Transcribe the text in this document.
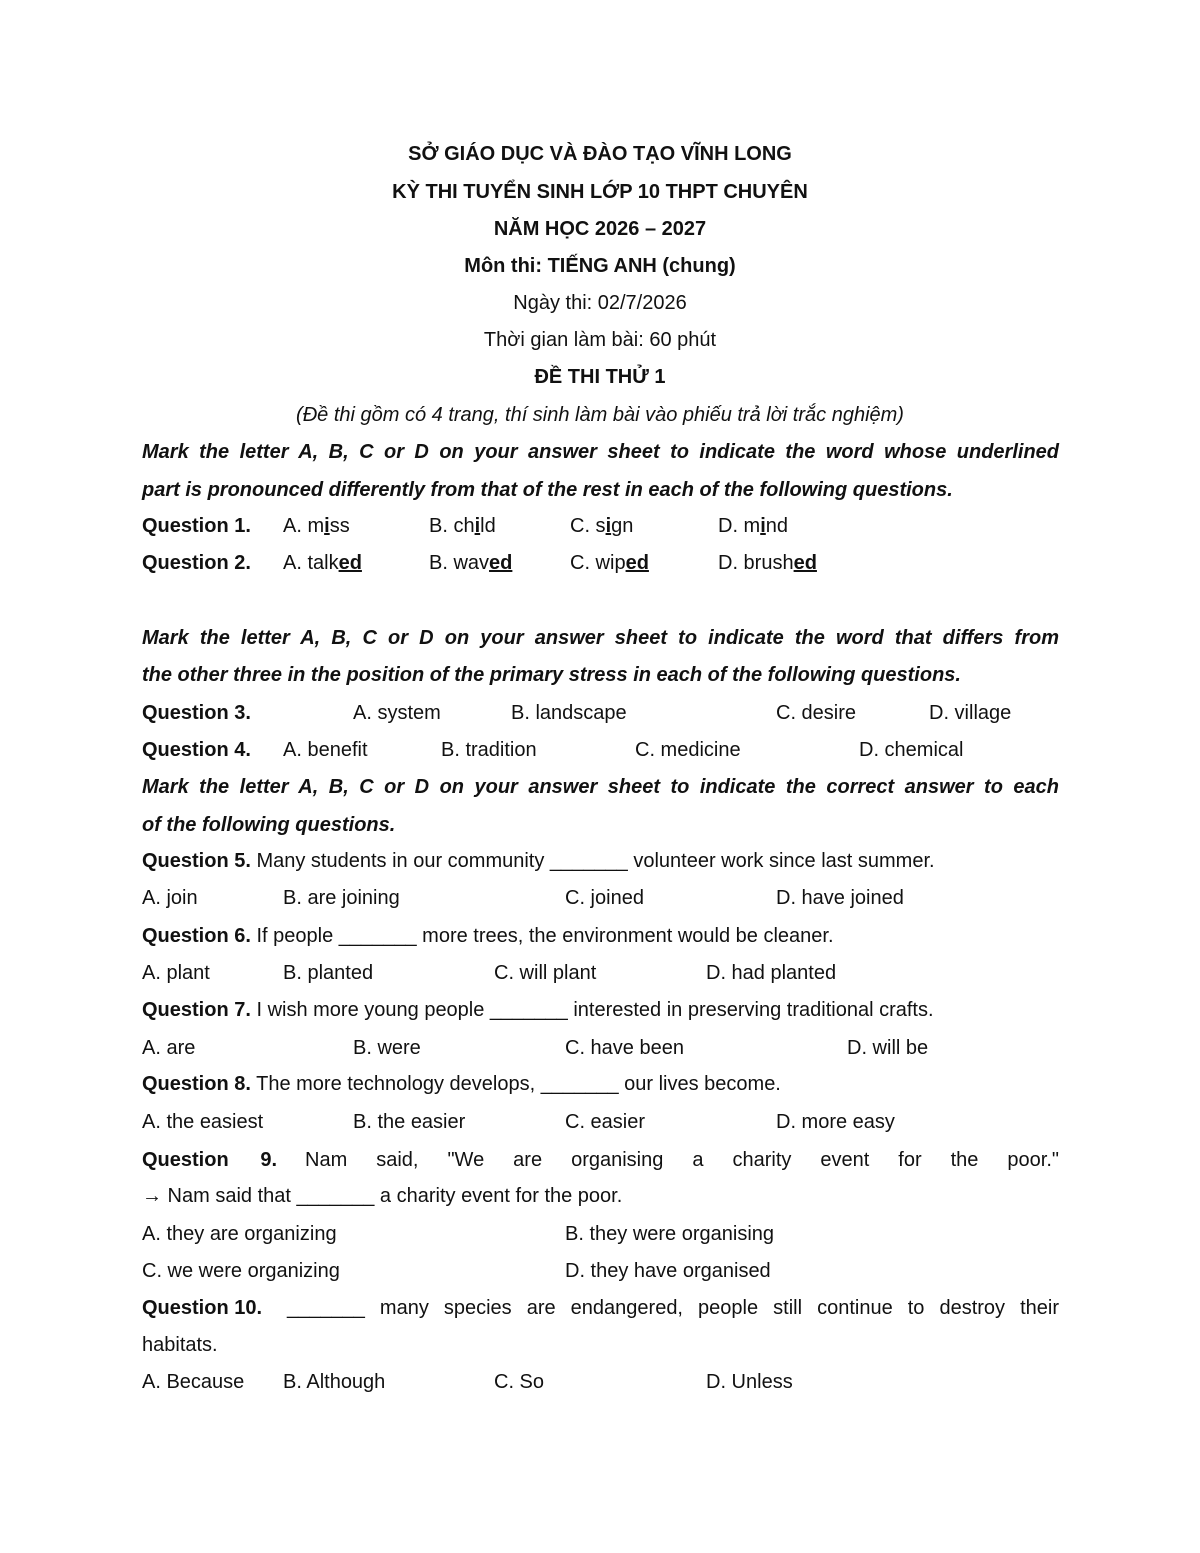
SỞ GIÁO DỤC VÀ ĐÀO TẠO VĨNH LONG
KỲ THI TUYỂN SINH LỚP 10 THPT CHUYÊN
NĂM HỌC 2026 – 2027
Môn thi: TIẾNG ANH (chung)
Ngày thi: 02/7/2026
Thời gian làm bài: 60 phút
ĐỀ THI THỬ 1
(Đề thi gồm có 4 trang, thí sinh làm bài vào phiếu trả lời trắc nghiệm)
Mark the letter A, B, C or D on your answer sheet to indicate the word whose underlined
part is pronounced differently from that of the rest in each of the following questions.
Question 1. A. miss	B. child	C. sign	D. mind
Question 2. A. talked	B. waved	C. wiped	D. brushed
Mark the letter A, B, C or D on your answer sheet to indicate the word that differs from
the other three in the position of the primary stress in each of the following questions.
Question 3.	A. system	B. landscape	C. desire	D. village
Question 4. A. benefit	B. tradition	C. medicine	D. chemical
Mark the letter A, B, C or D on your answer sheet to indicate the correct answer to each
of the following questions.
Question 5. Many students in our community _______ volunteer work since last summer.
A. join	B. are joining	C. joined	D. have joined
Question 6. If people _______ more trees, the environment would be cleaner.
A. plant	B. planted	C. will plant	D. had planted
Question 7. I wish more young people _______ interested in preserving traditional crafts.
A. are	B. were	C. have been	D. will be
Question 8. The more technology develops, _______ our lives become.
A. the easiest	B. the easier	C. easier	D. more easy
Question 9. Nam said, "We are organising a charity event for the poor."
→ Nam said that _______ a charity event for the poor.
A. they are organizing	B. they were organising
C. we were organizing	D. they have organised
Question 10. _______ many species are endangered, people still continue to destroy their
habitats.
A. Because B. Although	C. So	D. Unless
